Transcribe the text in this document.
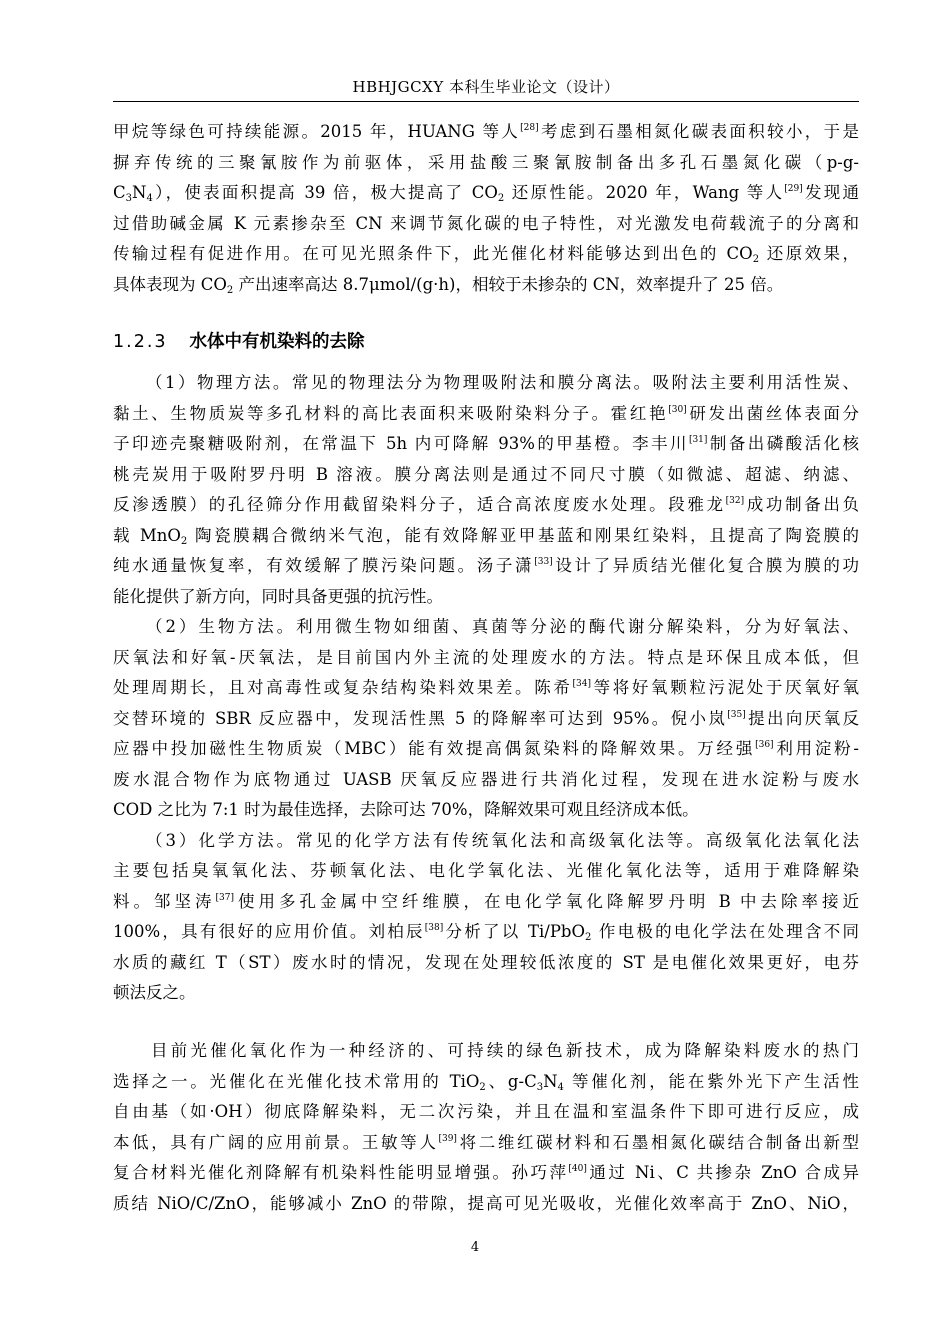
HBHJGCXY 本科生毕业论文（设计）
甲烷等绿色可持续能源。2015 年，HUANG 等人[28]考虑到石墨相氮化碳表面积较小，于是
摒弃传统的三聚氰胺作为前驱体，采用盐酸三聚氰胺制备出多孔石墨氮化碳（p-g-
$C_3N_4$），使表面积提高 39 倍，极大提高了 $CO_2$ 还原性能。2020 年，Wang 等人[29]发现通
过借助碱金属 K 元素掺杂至 CN 来调节氮化碳的电子特性，对光激发电荷载流子的分离和
传输过程有促进作用。在可见光照条件下，此光催化材料能够达到出色的 $CO_2$ 还原效果，
具体表现为 $CO_2$ 产出速率高达 8.7μmol/(g·h)，相较于未掺杂的 CN，效率提升了 25 倍。
1.2.3 水体中有机染料的去除
（1）物理方法。常见的物理法分为物理吸附法和膜分离法。吸附法主要利用活性炭、
黏土、生物质炭等多孔材料的高比表面积来吸附染料分子。霍红艳[30]研发出菌丝体表面分
子印迹壳聚糖吸附剂，在常温下 5h 内可降解 93%的甲基橙。李丰川[31]制备出磷酸活化核
桃壳炭用于吸附罗丹明 B 溶液。膜分离法则是通过不同尺寸膜（如微滤、超滤、纳滤、
反渗透膜）的孔径筛分作用截留染料分子，适合高浓度废水处理。段雅龙[32]成功制备出负
载 MnO$_2$ 陶瓷膜耦合微纳米气泡，能有效降解亚甲基蓝和刚果红染料，且提高了陶瓷膜的
纯水通量恢复率，有效缓解了膜污染问题。汤子潇[33]设计了异质结光催化复合膜为膜的功
能化提供了新方向，同时具备更强的抗污性。
（2）生物方法。利用微生物如细菌、真菌等分泌的酶代谢分解染料，分为好氧法、
厌氧法和好氧-厌氧法，是目前国内外主流的处理废水的方法。特点是环保且成本低，但
处理周期长，且对高毒性或复杂结构染料效果差。陈希[34]等将好氧颗粒污泥处于厌氧好氧
交替环境的 SBR 反应器中，发现活性黑 5 的降解率可达到 95%。倪小岚[35]提出向厌氧反
应器中投加磁性生物质炭（MBC）能有效提高偶氮染料的降解效果。万经强[36]利用淀粉-
废水混合物作为底物通过 UASB 厌氧反应器进行共消化过程，发现在进水淀粉与废水
COD 之比为 7:1 时为最佳选择，去除可达 70%，降解效果可观且经济成本低。
（3）化学方法。常见的化学方法有传统氧化法和高级氧化法等。高级氧化法氧化法
主要包括臭氧氧化法、芬顿氧化法、电化学氧化法、光催化氧化法等，适用于难降解染
料。邹坚涛[37]使用多孔金属中空纤维膜，在电化学氧化降解罗丹明 B 中去除率接近
100%，具有很好的应用价值。刘柏辰[38]分析了以 Ti/PbO$_2$ 作电极的电化学法在处理含不同
水质的藏红 T（ST）废水时的情况，发现在处理较低浓度的 ST 是电催化效果更好，电芬
顿法反之。
目前光催化氧化作为一种经济的、可持续的绿色新技术，成为降解染料废水的热门
选择之一。光催化在光催化技术常用的 TiO$_2$、$g-C_3N_4$ 等催化剂，能在紫外光下产生活性
自由基（如·OH）彻底降解染料，无二次污染，并且在温和室温条件下即可进行反应，成
本低，具有广阔的应用前景。王敏等人[39]将二维红碳材料和石墨相氮化碳结合制备出新型
复合材料光催化剂降解有机染料性能明显增强。孙巧萍[40]通过 Ni、C 共掺杂 ZnO 合成异
质结 NiO/C/ZnO，能够减小 ZnO 的带隙，提高可见光吸收，光催化效率高于 ZnO、NiO，
4
